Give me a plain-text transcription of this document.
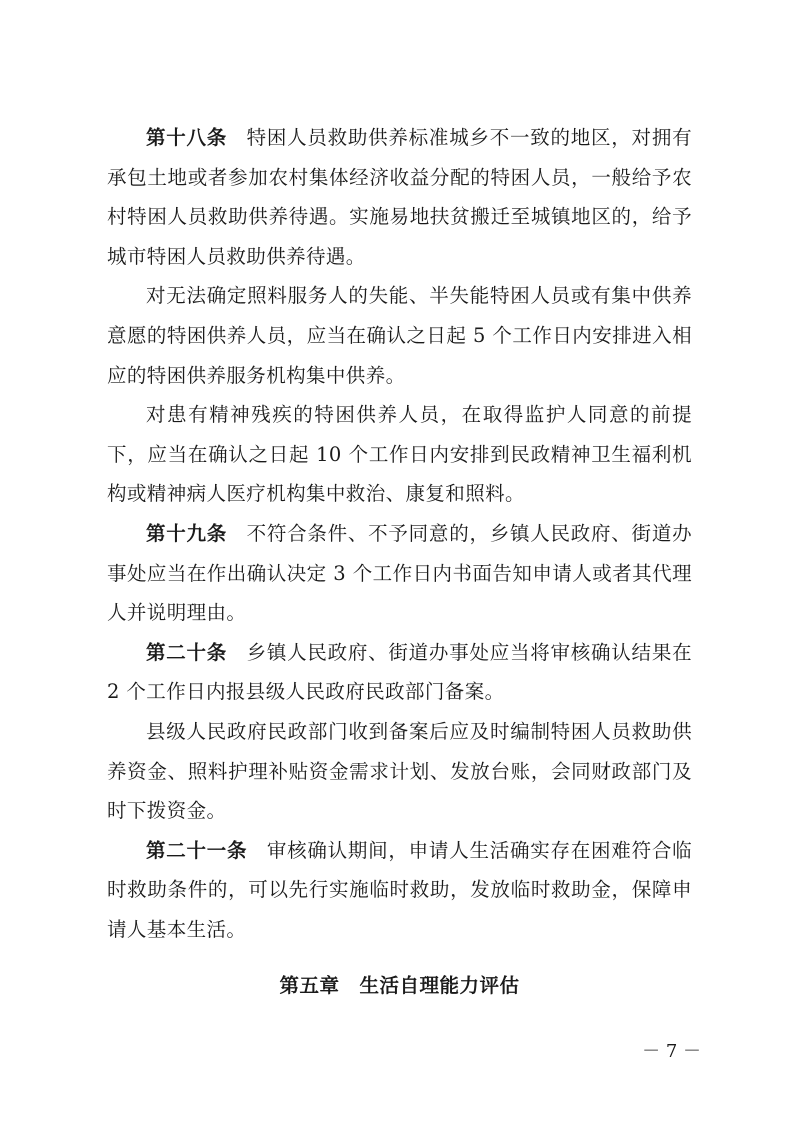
第十八条 特困人员救助供养标准城乡不一致的地区，对拥有承包土地或者参加农村集体经济收益分配的特困人员，一般给予农村特困人员救助供养待遇。实施易地扶贫搬迁至城镇地区的，给予城市特困人员救助供养待遇。

对无法确定照料服务人的失能、半失能特困人员或有集中供养意愿的特困供养人员，应当在确认之日起 5 个工作日内安排进入相应的特困供养服务机构集中供养。

对患有精神残疾的特困供养人员，在取得监护人同意的前提下，应当在确认之日起 10 个工作日内安排到民政精神卫生福利机构或精神病人医疗机构集中救治、康复和照料。

第十九条 不符合条件、不予同意的，乡镇人民政府、街道办事处应当在作出确认决定 3 个工作日内书面告知申请人或者其代理人并说明理由。

第二十条 乡镇人民政府、街道办事处应当将审核确认结果在 2 个工作日内报县级人民政府民政部门备案。

县级人民政府民政部门收到备案后应及时编制特困人员救助供养资金、照料护理补贴资金需求计划、发放台账，会同财政部门及时下拨资金。

第二十一条 审核确认期间，申请人生活确实存在困难符合临时救助条件的，可以先行实施临时救助，发放临时救助金，保障申请人基本生活。

第五章　生活自理能力评估
－ 7 －
